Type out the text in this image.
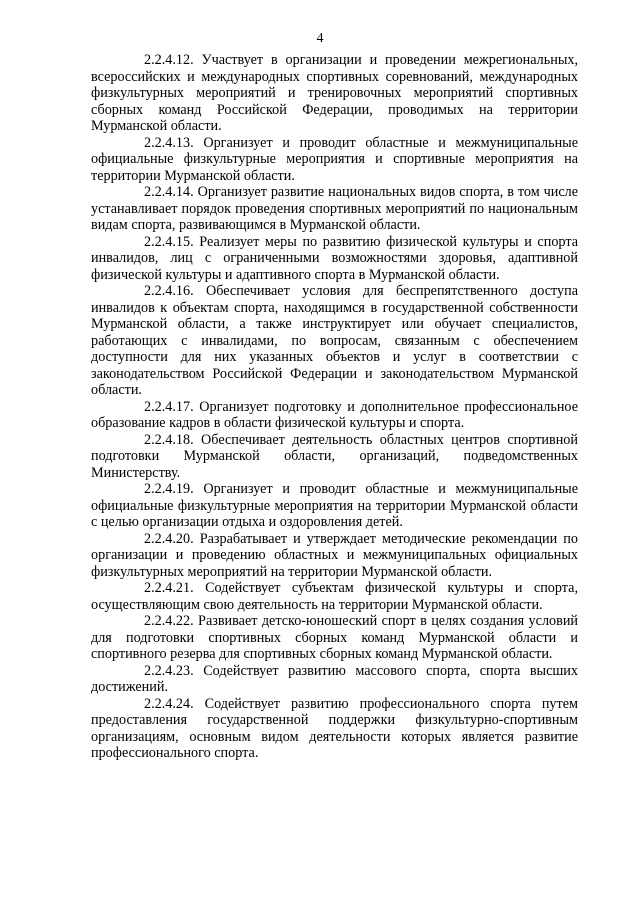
4

2.2.4.12. Участвует в организации и проведении межрегиональных, всероссийских и международных спортивных соревнований, международных физкультурных мероприятий и тренировочных мероприятий спортивных сборных команд Российской Федерации, проводимых на территории Мурманской области.

2.2.4.13. Организует и проводит областные и межмуниципальные официальные физкультурные мероприятия и спортивные мероприятия на территории Мурманской области.

2.2.4.14. Организует развитие национальных видов спорта, в том числе устанавливает порядок проведения спортивных мероприятий по национальным видам спорта, развивающимся в Мурманской области.

2.2.4.15. Реализует меры по развитию физической культуры и спорта инвалидов, лиц с ограниченными возможностями здоровья, адаптивной физической культуры и адаптивного спорта в Мурманской области.

2.2.4.16. Обеспечивает условия для беспрепятственного доступа инвалидов к объектам спорта, находящимся в государственной собственности Мурманской области, а также инструктирует или обучает специалистов, работающих с инвалидами, по вопросам, связанным с обеспечением доступности для них указанных объектов и услуг в соответствии с законодательством Российской Федерации и законодательством Мурманской области.

2.2.4.17. Организует подготовку и дополнительное профессиональное образование кадров в области физической культуры и спорта.

2.2.4.18. Обеспечивает деятельность областных центров спортивной подготовки Мурманской области, организаций, подведомственных Министерству.

2.2.4.19. Организует и проводит областные и межмуниципальные официальные физкультурные мероприятия на территории Мурманской области с целью организации отдыха и оздоровления детей.

2.2.4.20. Разрабатывает и утверждает методические рекомендации по организации и проведению областных и межмуниципальных официальных физкультурных мероприятий на территории Мурманской области.

2.2.4.21. Содействует субъектам физической культуры и спорта, осуществляющим свою деятельность на территории Мурманской области.

2.2.4.22. Развивает детско-юношеский спорт в целях создания условий для подготовки спортивных сборных команд Мурманской области и спортивного резерва для спортивных сборных команд Мурманской области.

2.2.4.23. Содействует развитию массового спорта, спорта высших достижений.

2.2.4.24. Содействует развитию профессионального спорта путем предоставления государственной поддержки физкультурно-спортивным организациям, основным видом деятельности которых является развитие профессионального спорта.
